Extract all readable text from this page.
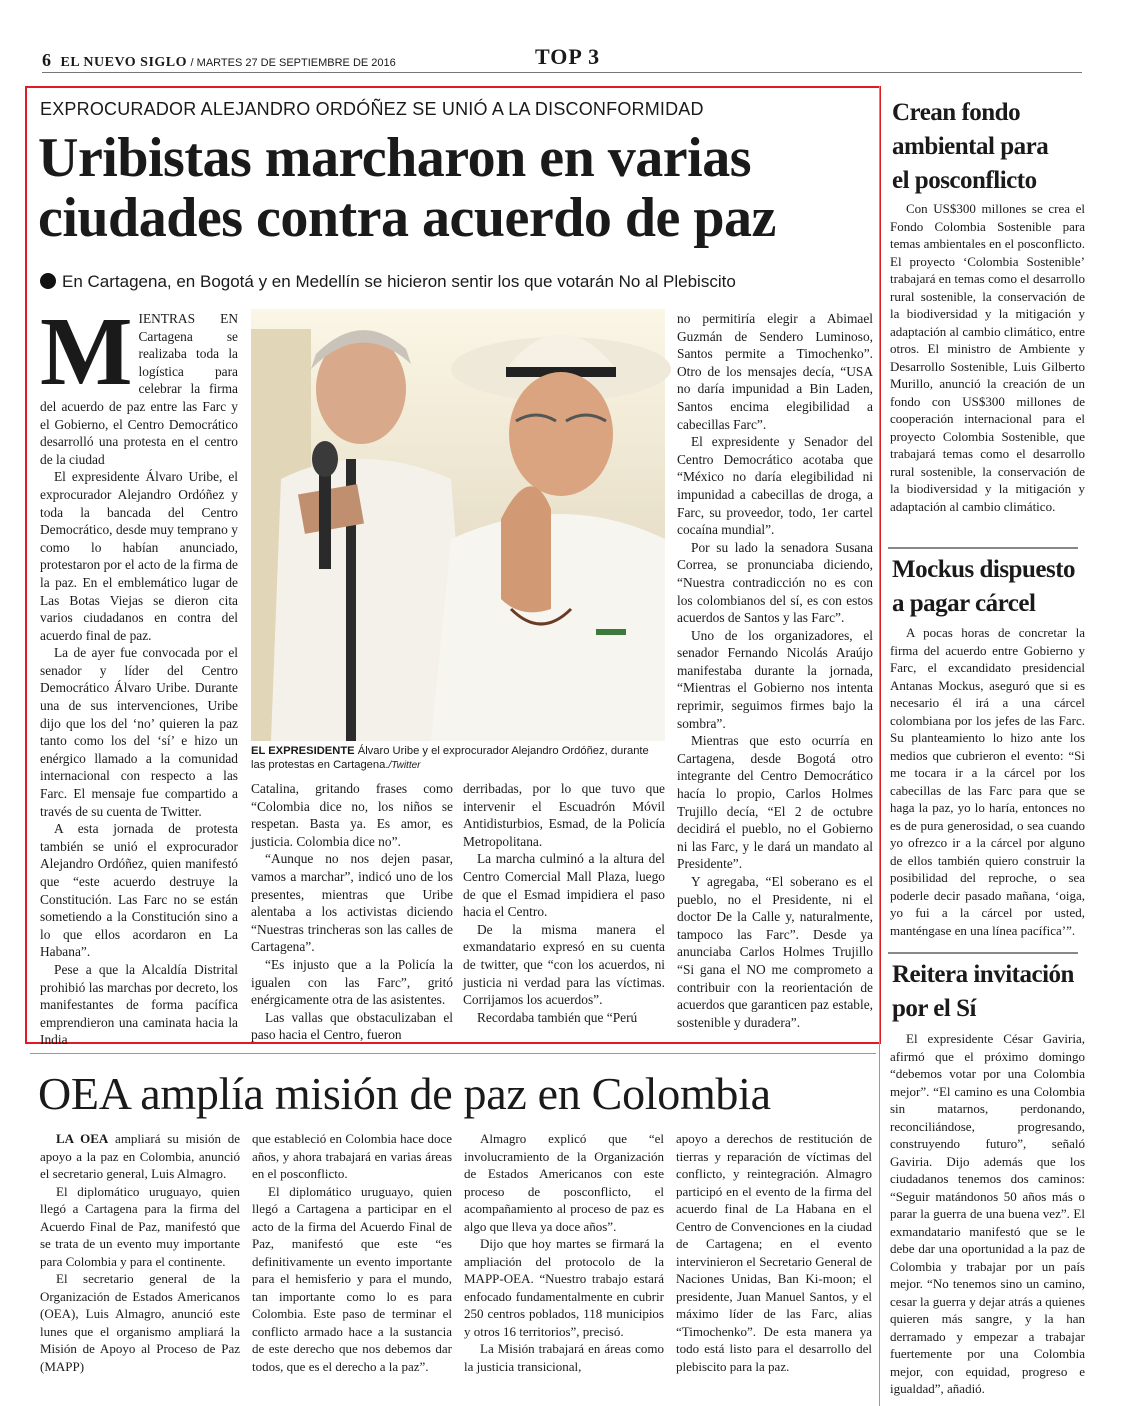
6 EL NUEVO SIGLO / MARTES 27 DE SEPTIEMBRE DE 2016	TOP 3
EXPROCURADOR ALEJANDRO ORDÓÑEZ SE UNIÓ A LA DISCONFORMIDAD
Uribistas marcharon en varias
ciudades contra acuerdo de paz
En Cartagena, en Bogotá y en Medellín se hicieron sentir los que votarán No al Plebiscito

MIENTRAS EN Cartagena se realizaba toda la logística para celebrar la firma del acuerdo de paz entre las Farc y el Gobierno, el Centro Democrático desarrolló una protesta en el centro de la ciudad

El expresidente Álvaro Uribe, el exprocurador Alejandro Ordóñez y toda la bancada del Centro Democrático, desde muy temprano y como lo habían anunciado, protestaron por el acto de la firma de la paz. En el emblemático lugar de Las Botas Viejas se dieron cita varios ciudadanos en contra del acuerdo final de paz.

La de ayer fue convocada por el senador y líder del Centro Democrático Álvaro Uribe. Durante una de sus intervenciones, Uribe dijo que los del ‘no’ quieren la paz tanto como los del ‘sí’ e hizo un enérgico llamado a la comunidad internacional con respecto a las Farc. El mensaje fue compartido a través de su cuenta de Twitter.

A esta jornada de protesta también se unió el exprocurador Alejandro Ordóñez, quien manifestó que “este acuerdo destruye la Constitución. Las Farc no se están sometiendo a la Constitución sino a lo que ellos acordaron en La Habana”.

Pese a que la Alcaldía Distrital prohibió las marchas por decreto, los manifestantes de forma pacífica emprendieron una caminata hacia la India

EL EXPRESIDENTE Álvaro Uribe y el exprocurador Alejandro Ordóñez, durante las protestas en Cartagena./Twitter

Catalina, gritando frases como “Colombia dice no, los niños se respetan. Basta ya. Es amor, es justicia. Colombia dice no”.

“Aunque no nos dejen pasar, vamos a marchar”, indicó uno de los presentes, mientras que Uribe alentaba a los activistas diciendo “Nuestras trincheras son las calles de Cartagena”.

“Es injusto que a la Policía la igualen con las Farc”, gritó enérgicamente otra de las asistentes.

Las vallas que obstaculizaban el paso hacia el Centro, fueron

derribadas, por lo que tuvo que intervenir el Escuadrón Móvil Antidisturbios, Esmad, de la Policía Metropolitana.

La marcha culminó a la altura del Centro Comercial Mall Plaza, luego de que el Esmad impidiera el paso hacia el Centro.

De la misma manera el exmandatario expresó en su cuenta de twitter, que “con los acuerdos, ni justicia ni verdad para las víctimas. Corrijamos los acuerdos”.

Recordaba también que “Perú

no permitiría elegir a Abimael Guzmán de Sendero Luminoso, Santos permite a Timochenko”. Otro de los mensajes decía, “USA no daría impunidad a Bin Laden, Santos encima elegibilidad a cabecillas Farc”.

El expresidente y Senador del Centro Democrático acotaba que “México no daría elegibilidad ni impunidad a cabecillas de droga, a Farc, su proveedor, todo, 1er cartel cocaína mundial”.

Por su lado la senadora Susana Correa, se pronunciaba diciendo, “Nuestra contradicción no es con los colombianos del sí, es con estos acuerdos de Santos y las Farc”.

Uno de los organizadores, el senador Fernando Nicolás Araújo manifestaba durante la jornada, “Mientras el Gobierno nos intenta reprimir, seguimos firmes bajo la sombra”.

Mientras que esto ocurría en Cartagena, desde Bogotá otro integrante del Centro Democrático hacía lo propio, Carlos Holmes Trujillo decía, “El 2 de octubre decidirá el pueblo, no el Gobierno ni las Farc, y le dará un mandato al Presidente”.

Y agregaba, “El soberano es el pueblo, no el Presidente, ni el doctor De la Calle y, naturalmente, tampoco las Farc”. Desde ya anunciaba Carlos Holmes Trujillo “Si gana el NO me comprometo a contribuir con la reorientación de acuerdos que garanticen paz estable, sostenible y duradera”.

Crean fondo
ambiental para
el posconflicto

Con US$300 millones se crea el Fondo Colombia Sostenible para temas ambientales en el posconflicto. El proyecto ‘Colombia Sostenible’ trabajará en temas como el desarrollo rural sostenible, la conservación de la biodiversidad y la mitigación y adaptación al cambio climático, entre otros. El ministro de Ambiente y Desarrollo Sostenible, Luis Gilberto Murillo, anunció la creación de un fondo con US$300 millones de cooperación internacional para el proyecto Colombia Sostenible, que trabajará temas como el desarrollo rural sostenible, la conservación de la biodiversidad y la mitigación y adaptación al cambio climático.

Mockus dispuesto
a pagar cárcel

A pocas horas de concretar la firma del acuerdo entre Gobierno y Farc, el excandidato presidencial Antanas Mockus, aseguró que si es necesario él irá a una cárcel colombiana por los jefes de las Farc. Su planteamiento lo hizo ante los medios que cubrieron el evento: “Si me tocara ir a la cárcel por los cabecillas de las Farc para que se haga la paz, yo lo haría, entonces no es de pura generosidad, o sea cuando yo ofrezco ir a la cárcel por alguno de ellos también quiero construir la posibilidad del reproche, o sea poderle decir pasado mañana, ‘oiga, yo fui a la cárcel por usted, manténgase en una línea pacífica’”.

Reitera invitación
por el Sí

El expresidente César Gaviria, afirmó que el próximo domingo “debemos votar por una Colombia mejor”. “El camino es una Colombia sin matarnos, perdonando, reconciliándose, progresando, construyendo futuro”, señaló Gaviria. Dijo además que los ciudadanos tenemos dos caminos: “Seguir matándonos 50 años más o parar la guerra de una buena vez”. El exmandatario manifestó que se le debe dar una oportunidad a la paz de Colombia y trabajar por un país mejor. “No tenemos sino un camino, cesar la guerra y dejar atrás a quienes quieren más sangre, y la han derramado y empezar a trabajar fuertemente por una Colombia mejor, con equidad, progreso e igualdad”, añadió.

OEA amplía misión de paz en Colombia

LA OEA ampliará su misión de apoyo a la paz en Colombia, anunció el secretario general, Luis Almagro.

El diplomático uruguayo, quien llegó a Cartagena para la firma del Acuerdo Final de Paz, manifestó que se trata de un evento muy importante para Colombia y para el continente.

El secretario general de la Organización de Estados Americanos (OEA), Luis Almagro, anunció este lunes que el organismo ampliará la Misión de Apoyo al Proceso de Paz (MAPP)

que estableció en Colombia hace doce años, y ahora trabajará en varias áreas en el posconflicto.

El diplomático uruguayo, quien llegó a Cartagena a participar en el acto de la firma del Acuerdo Final de Paz, manifestó que este “es definitivamente un evento importante para el hemisferio y para el mundo, tan importante como lo es para Colombia. Este paso de terminar el conflicto armado hace a la sustancia de este derecho que nos debemos dar todos, que es el derecho a la paz”.

Almagro explicó que “el involucramiento de la Organización de Estados Americanos con este proceso de posconflicto, el acompañamiento al proceso de paz es algo que lleva ya doce años”.

Dijo que hoy martes se firmará la ampliación del protocolo de la MAPP-OEA. “Nuestro trabajo estará enfocado fundamentalmente en cubrir 250 centros poblados, 118 municipios y otros 16 territorios”, precisó.

La Misión trabajará en áreas como la justicia transicional,

apoyo a derechos de restitución de tierras y reparación de víctimas del conflicto, y reintegración. Almagro participó en el evento de la firma del acuerdo final de La Habana en el Centro de Convenciones en la ciudad de Cartagena; en el evento intervinieron el Secretario General de Naciones Unidas, Ban Ki-moon; el presidente, Juan Manuel Santos, y el máximo líder de las Farc, alias “Timochenko”. De esta manera ya todo está listo para el desarrollo del plebiscito para la paz.
